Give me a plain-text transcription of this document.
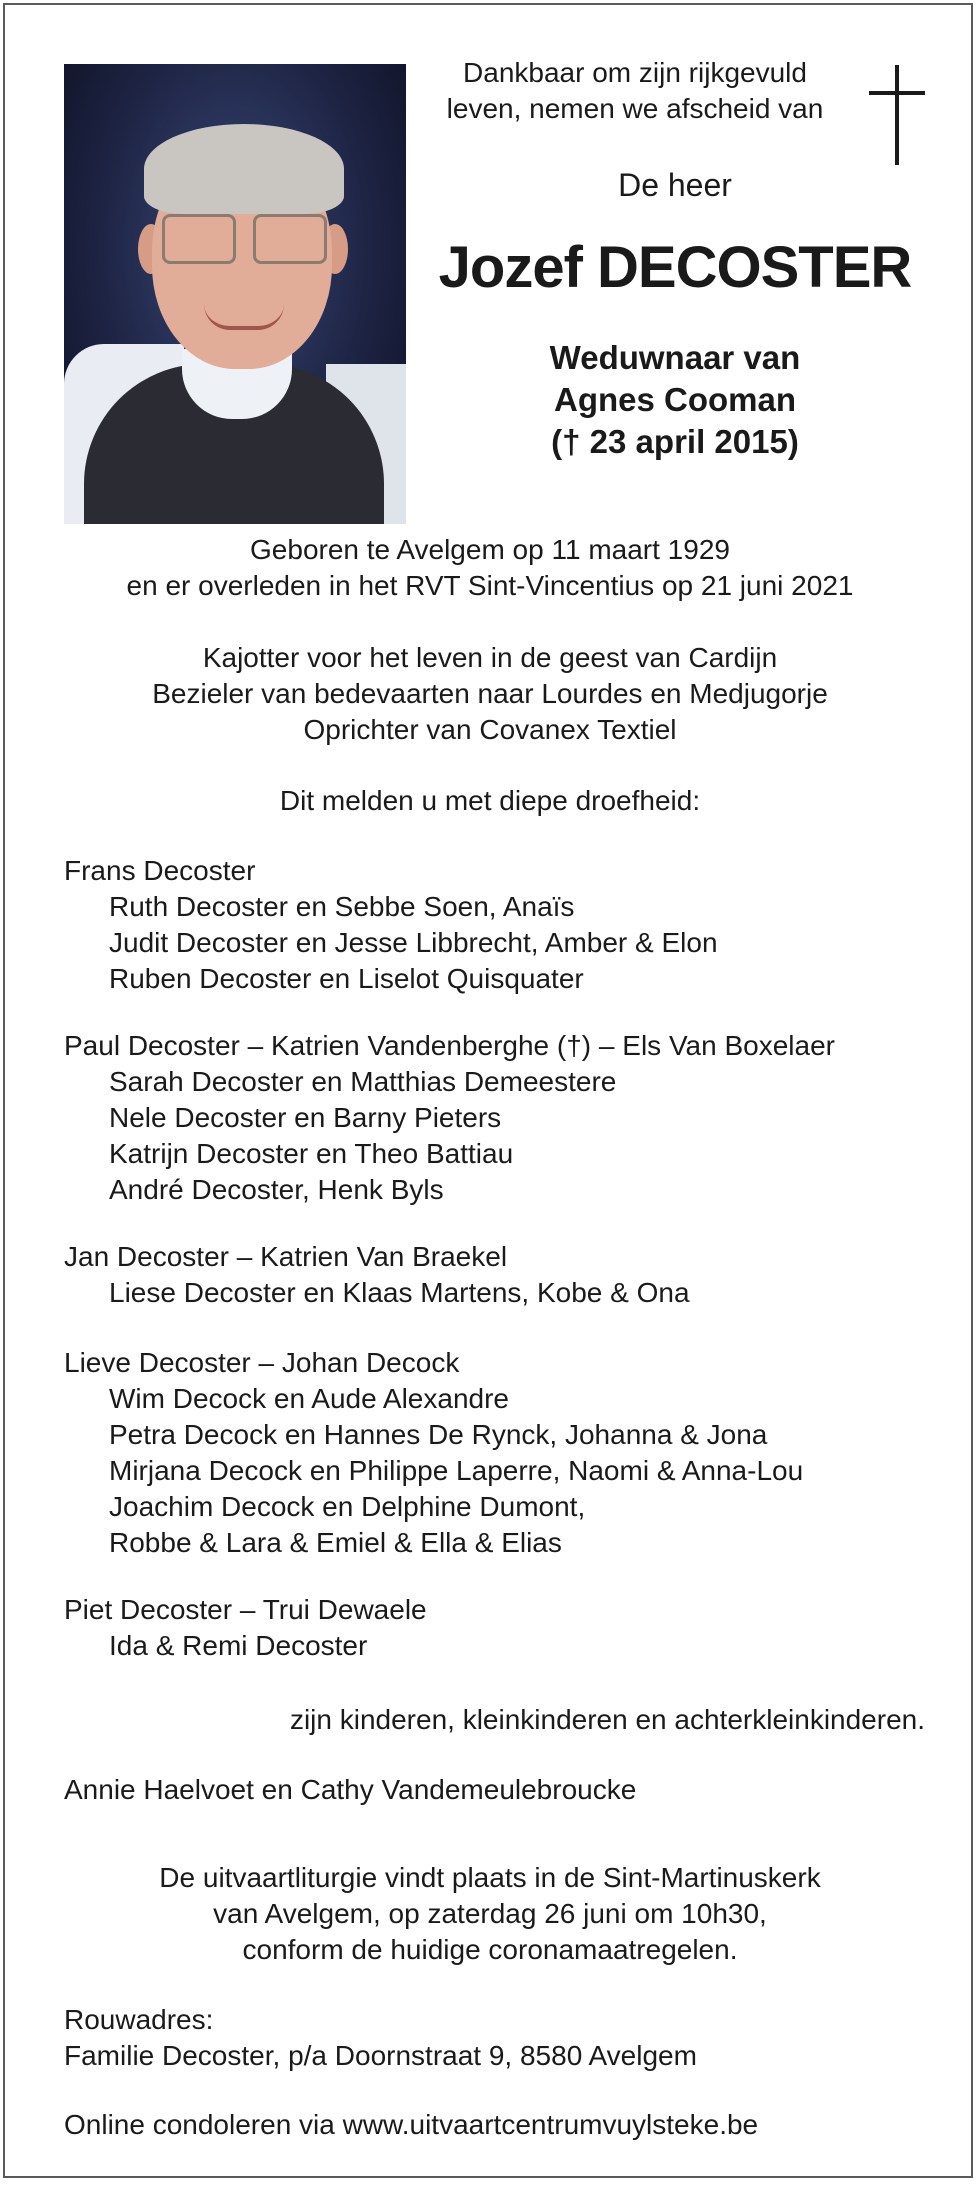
Dankbaar om zijn rijkgevuld
leven, nemen we afscheid van
De heer
Jozef DECOSTER
Weduwnaar van
Agnes Cooman
(† 23 april 2015)
Geboren te Avelgem op 11 maart 1929
en er overleden in het RVT Sint-Vincentius op 21 juni 2021
Kajotter voor het leven in de geest van Cardijn
Bezieler van bedevaarten naar Lourdes en Medjugorje
Oprichter van Covanex Textiel
Dit melden u met diepe droefheid:
Frans Decoster
Ruth Decoster en Sebbe Soen, Anaïs
Judit Decoster en Jesse Libbrecht, Amber & Elon
Ruben Decoster en Liselot Quisquater
Paul Decoster – Katrien Vandenberghe (†) – Els Van Boxelaer
Sarah Decoster en Matthias Demeestere
Nele Decoster en Barny Pieters
Katrijn Decoster en Theo Battiau
André Decoster, Henk Byls
Jan Decoster – Katrien Van Braekel
Liese Decoster en Klaas Martens, Kobe & Ona
Lieve Decoster – Johan Decock
Wim Decock en Aude Alexandre
Petra Decock en Hannes De Rynck, Johanna & Jona
Mirjana Decock en Philippe Laperre, Naomi & Anna-Lou
Joachim Decock en Delphine Dumont,
Robbe & Lara & Emiel & Ella & Elias
Piet Decoster – Trui Dewaele
Ida & Remi Decoster
zijn kinderen, kleinkinderen en achterkleinkinderen.
Annie Haelvoet en Cathy Vandemeulebroucke
De uitvaartliturgie vindt plaats in de Sint-Martinuskerk
van Avelgem, op zaterdag 26 juni om 10h30,
conform de huidige coronamaatregelen.
Rouwadres:
Familie Decoster, p/a Doornstraat 9, 8580 Avelgem
Online condoleren via www.uitvaartcentrumvuylsteke.be
